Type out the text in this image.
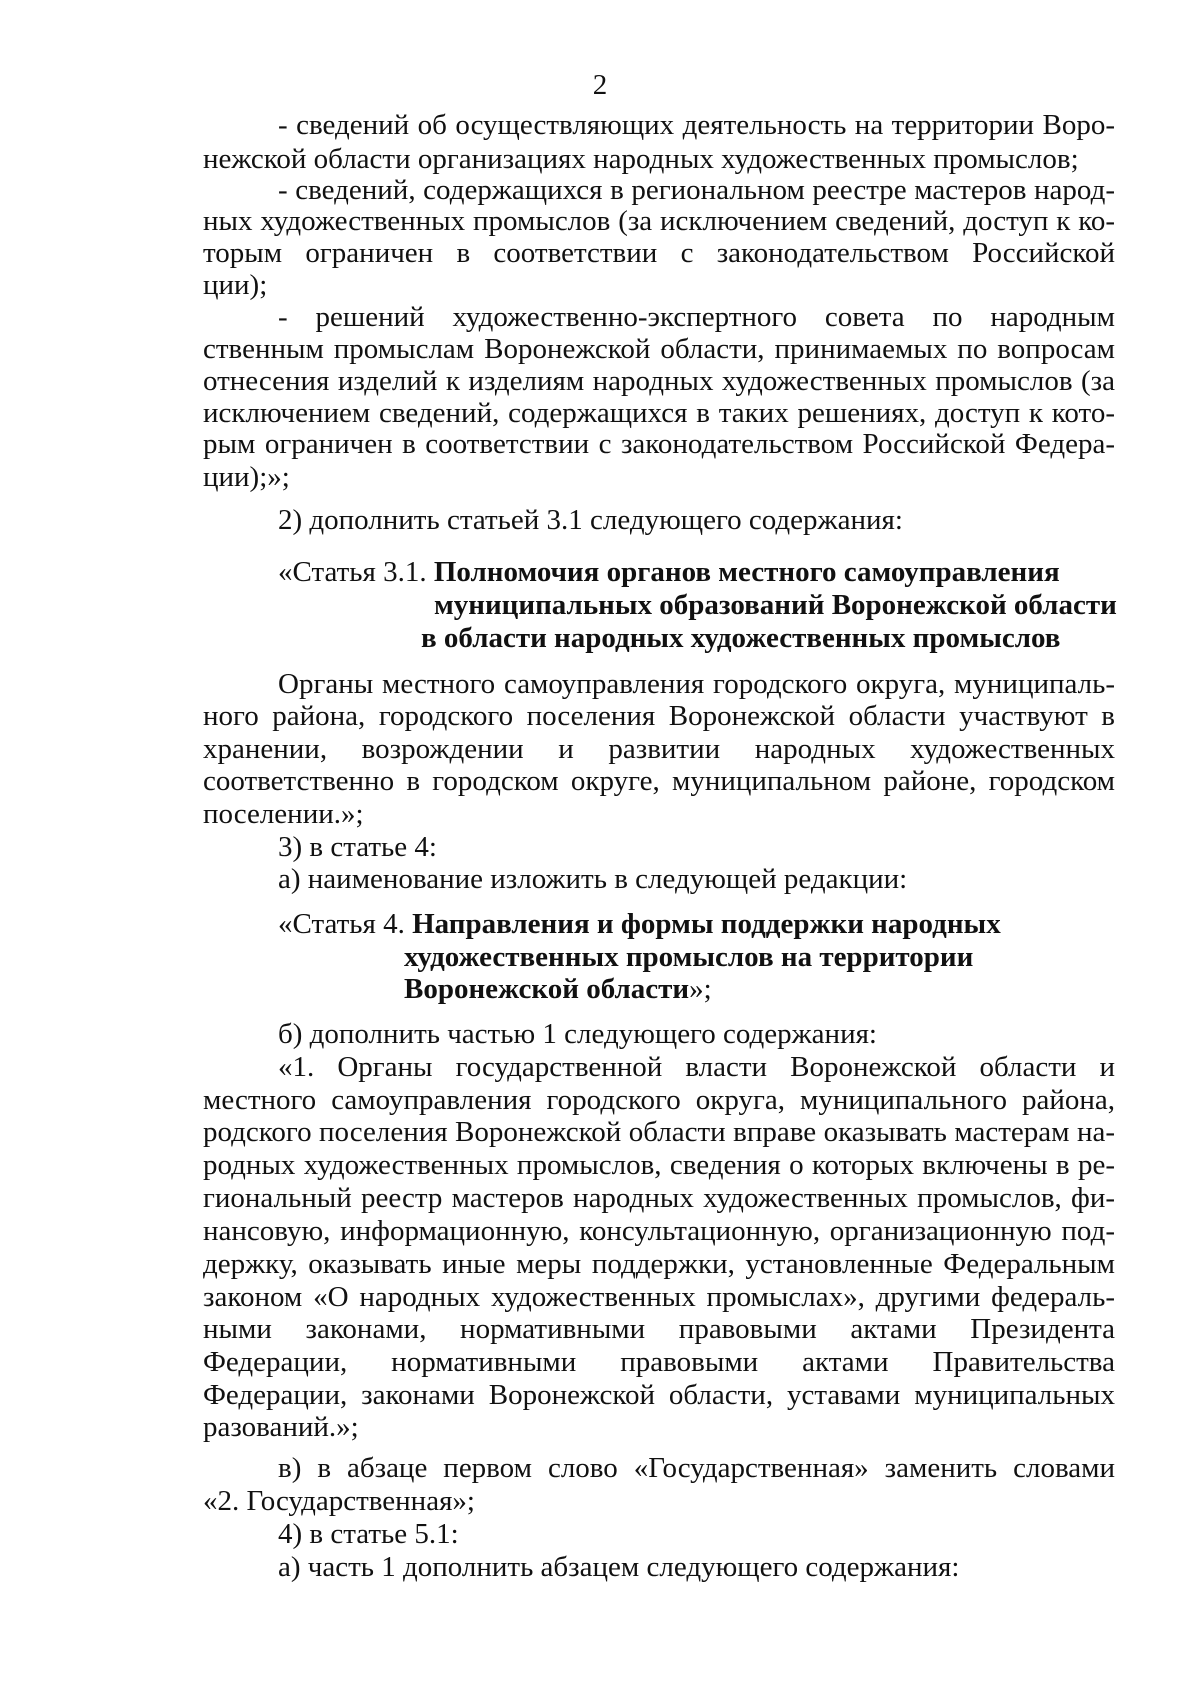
2
- сведений об осуществляющих деятельность на территории Воро-
нежской области организациях народных художественных промыслов;
- сведений, содержащихся в региональном реестре мастеров народ-
ных художественных промыслов (за исключением сведений, доступ к ко-
торым ограничен в соответствии с законодательством Российской
ции);
- решений художественно-экспертного совета по народным
ственным промыслам Воронежской области, принимаемых по вопросам
отнесения изделий к изделиям народных художественных промыслов (за
исключением сведений, содержащихся в таких решениях, доступ к кото-
рым ограничен в соответствии с законодательством Российской Федера-
ции);»;
2) дополнить статьей 3.1 следующего содержания:
«Статья 3.1. Полномочия органов местного самоуправления
муниципальных образований Воронежской области
в области народных художественных промыслов
Органы местного самоуправления городского округа, муниципаль-
ного района, городского поселения Воронежской области участвуют в
хранении, возрождении и развитии народных художественных
соответственно в городском округе, муниципальном районе, городском
поселении.»;
3) в статье 4:
а) наименование изложить в следующей редакции:
«Статья 4. Направления и формы поддержки народных
художественных промыслов на территории
Воронежской области»;
б) дополнить частью 1 следующего содержания:
«1. Органы государственной власти Воронежской области и
местного самоуправления городского округа, муниципального района,
родского поселения Воронежской области вправе оказывать мастерам на-
родных художественных промыслов, сведения о которых включены в ре-
гиональный реестр мастеров народных художественных промыслов, фи-
нансовую, информационную, консультационную, организационную под-
держку, оказывать иные меры поддержки, установленные Федеральным
законом «О народных художественных промыслах», другими федераль-
ными законами, нормативными правовыми актами Президента
Федерации, нормативными правовыми актами Правительства
Федерации, законами Воронежской области, уставами муниципальных
разований.»;
в) в абзаце первом слово «Государственная» заменить словами
«2. Государственная»;
4) в статье 5.1:
а) часть 1 дополнить абзацем следующего содержания:
